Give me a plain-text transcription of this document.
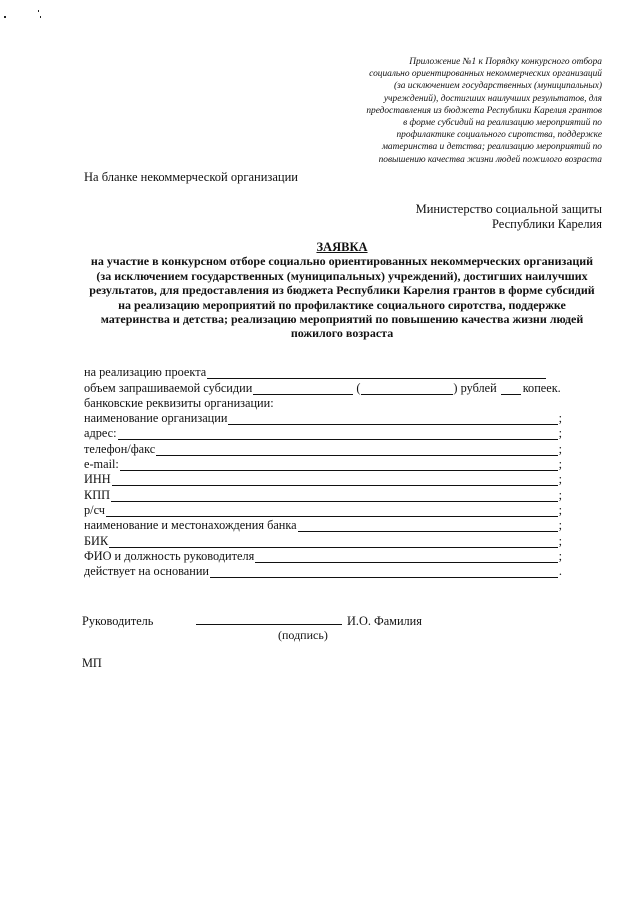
Приложение №1 к Порядку конкурсного отбора
социально ориентированных некоммерческих организаций
(за исключением государственных (муниципальных)
учреждений), достигших наилучших результатов, для
предоставления из бюджета Республики Карелия грантов
в форме субсидий на реализацию мероприятий по
профилактике социального сиротства, поддержке
материнства и детства; реализацию мероприятий по
повышению качества жизни людей пожилого возраста
На бланке некоммерческой организации
Министерство социальной защиты
Республики Карелия
ЗАЯВКА
на участие в конкурсном отборе социально ориентированных некоммерческих организаций
(за исключением государственных (муниципальных) учреждений), достигших наилучших
результатов, для предоставления из бюджета Республики Карелия грантов в форме субсидий
на реализацию мероприятий по профилактике социального сиротства, поддержке
материнства и детства; реализацию мероприятий по повышению качества жизни людей
пожилого возраста
на реализацию проекта
объем запрашиваемой субсидии	(	) рублей копеек.
банковские реквизиты организации:
наименование организации	;
адрес:	;
телефон/факс	;
e-mail:	;
ИНН	;
КПП	;
р/сч	;
наименование и местонахождения банка	;
БИК	;
ФИО и должность руководителя	;
действует на основании	.
Руководитель	И.О. Фамилия
(подпись)
МП
